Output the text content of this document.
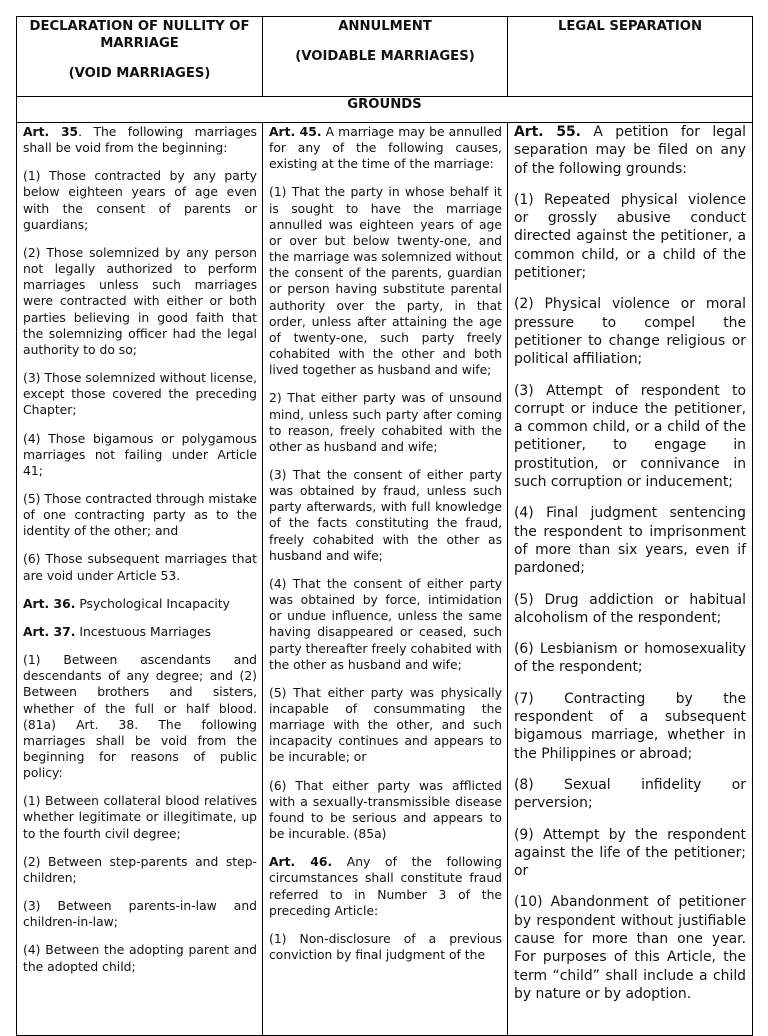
DECLARATION OF NULLITY OF MARRIAGE

(VOID MARRIAGES)

ANNULMENT

(VOIDABLE MARRIAGES)

LEGAL SEPARATION

GROUNDS

Art. 35. The following marriages shall be void from the beginning:

(1) Those contracted by any party below eighteen years of age even with the consent of parents or guardians;

(2) Those solemnized by any person not legally authorized to perform marriages unless such marriages were contracted with either or both parties believing in good faith that the solemnizing officer had the legal authority to do so;

(3) Those solemnized without license, except those covered the preceding Chapter;

(4) Those bigamous or polygamous marriages not failing under Article 41;

(5) Those contracted through mistake of one contracting party as to the identity of the other; and

(6) Those subsequent marriages that are void under Article 53.

Art. 36. Psychological Incapacity

Art. 37. Incestuous Marriages

(1) Between ascendants and descendants of any degree; and (2) Between brothers and sisters, whether of the full or half blood. (81a) Art. 38. The following marriages shall be void from the beginning for reasons of public policy:

(1) Between collateral blood relatives whether legitimate or illegitimate, up to the fourth civil degree;

(2) Between step-parents and step-children;

(3) Between parents-in-law and children-in-law;

(4) Between the adopting parent and the adopted child;

Art. 45. A marriage may be annulled for any of the following causes, existing at the time of the marriage:

(1) That the party in whose behalf it is sought to have the marriage annulled was eighteen years of age or over but below twenty-one, and the marriage was solemnized without the consent of the parents, guardian or person having substitute parental authority over the party, in that order, unless after attaining the age of twenty-one, such party freely cohabited with the other and both lived together as husband and wife;

2) That either party was of unsound mind, unless such party after coming to reason, freely cohabited with the other as husband and wife;

(3) That the consent of either party was obtained by fraud, unless such party afterwards, with full knowledge of the facts constituting the fraud, freely cohabited with the other as husband and wife;

(4) That the consent of either party was obtained by force, intimidation or undue influence, unless the same having disappeared or ceased, such party thereafter freely cohabited with the other as husband and wife;

(5) That either party was physically incapable of consummating the marriage with the other, and such incapacity continues and appears to be incurable; or

(6) That either party was afflicted with a sexually-transmissible disease found to be serious and appears to be incurable. (85a)

Art. 46. Any of the following circumstances shall constitute fraud referred to in Number 3 of the preceding Article:

(1) Non-disclosure of a previous conviction by final judgment of the

Art. 55. A petition for legal separation may be filed on any of the following grounds:

(1) Repeated physical violence or grossly abusive conduct directed against the petitioner, a common child, or a child of the petitioner;

(2) Physical violence or moral pressure to compel the petitioner to change religious or political affiliation;

(3) Attempt of respondent to corrupt or induce the petitioner, a common child, or a child of the petitioner, to engage in prostitution, or connivance in such corruption or inducement;

(4) Final judgment sentencing the respondent to imprisonment of more than six years, even if pardoned;

(5) Drug addiction or habitual alcoholism of the respondent;

(6) Lesbianism or homosexuality of the respondent;

(7) Contracting by the respondent of a subsequent bigamous marriage, whether in the Philippines or abroad;

(8) Sexual infidelity or perversion;

(9) Attempt by the respondent against the life of the petitioner; or

(10) Abandonment of petitioner by respondent without justifiable cause for more than one year. For purposes of this Article, the term “child” shall include a child by nature or by adoption.
